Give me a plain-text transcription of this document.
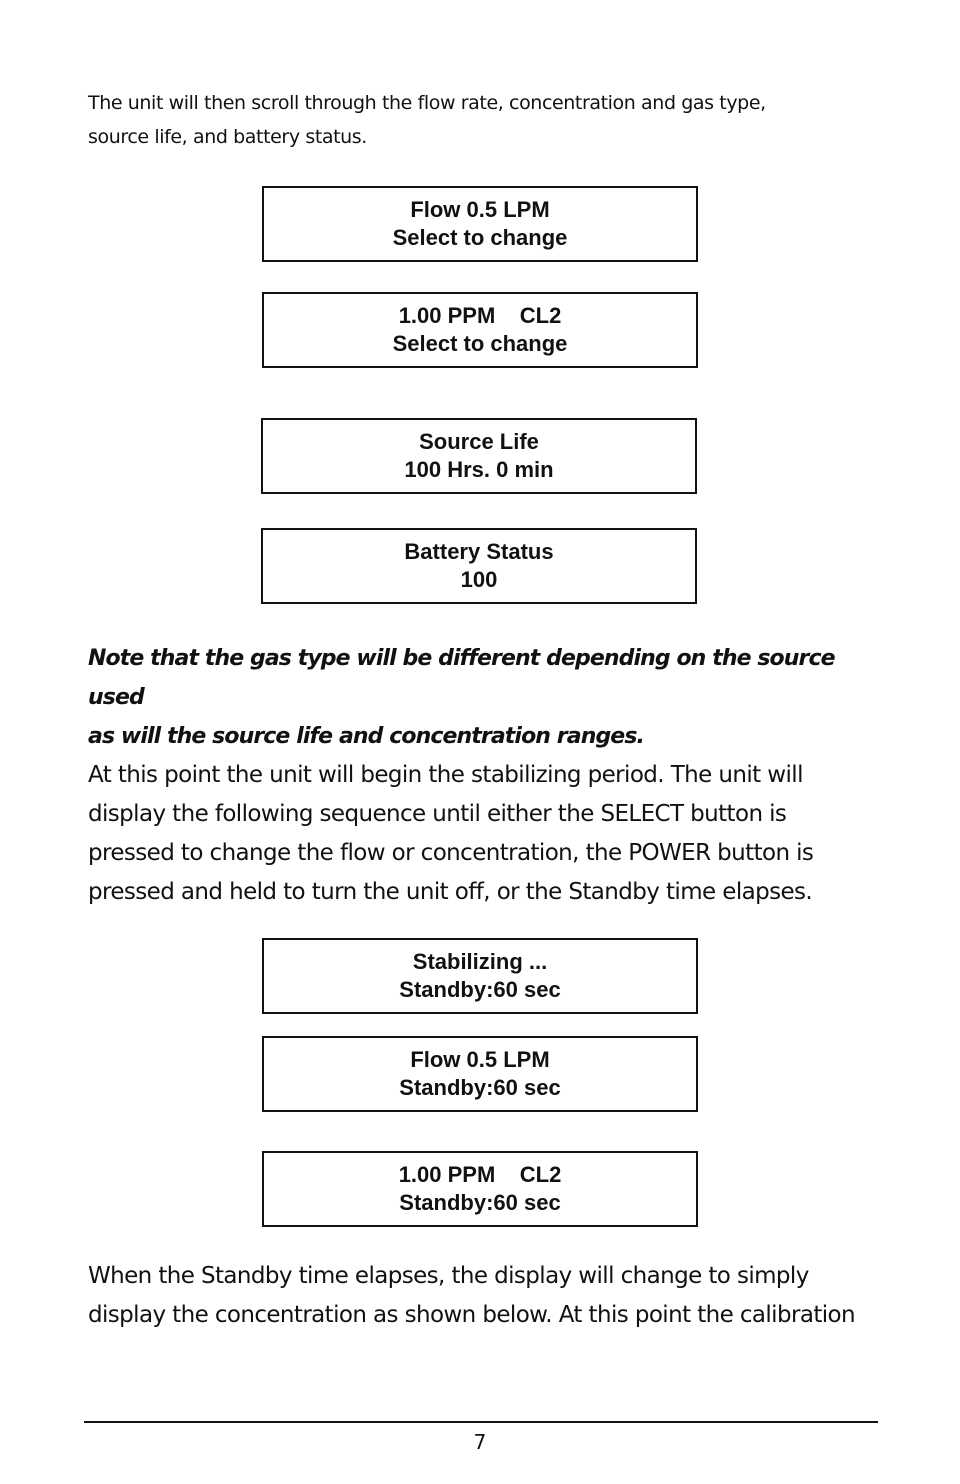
The unit will then scroll through the flow rate, concentration and gas type,
source life, and battery status.

Flow 0.5 LPM
Select to change
1.00 PPM    CL2
Select to change
Source Life
100 Hrs. 0 min
Battery Status
100

Note that the gas type will be different depending on the source used
as will the source life and concentration ranges.

At this point the unit will begin the stabilizing period. The unit will
display the following sequence until either the SELECT button is
pressed to change the flow or concentration, the POWER button is
pressed and held to turn the unit off, or the Standby time elapses.

Stabilizing ...
Standby:60 sec
Flow 0.5 LPM
Standby:60 sec
1.00 PPM    CL2
Standby:60 sec

When the Standby time elapses, the display will change to simply
display the concentration as shown below. At this point the calibration

7
